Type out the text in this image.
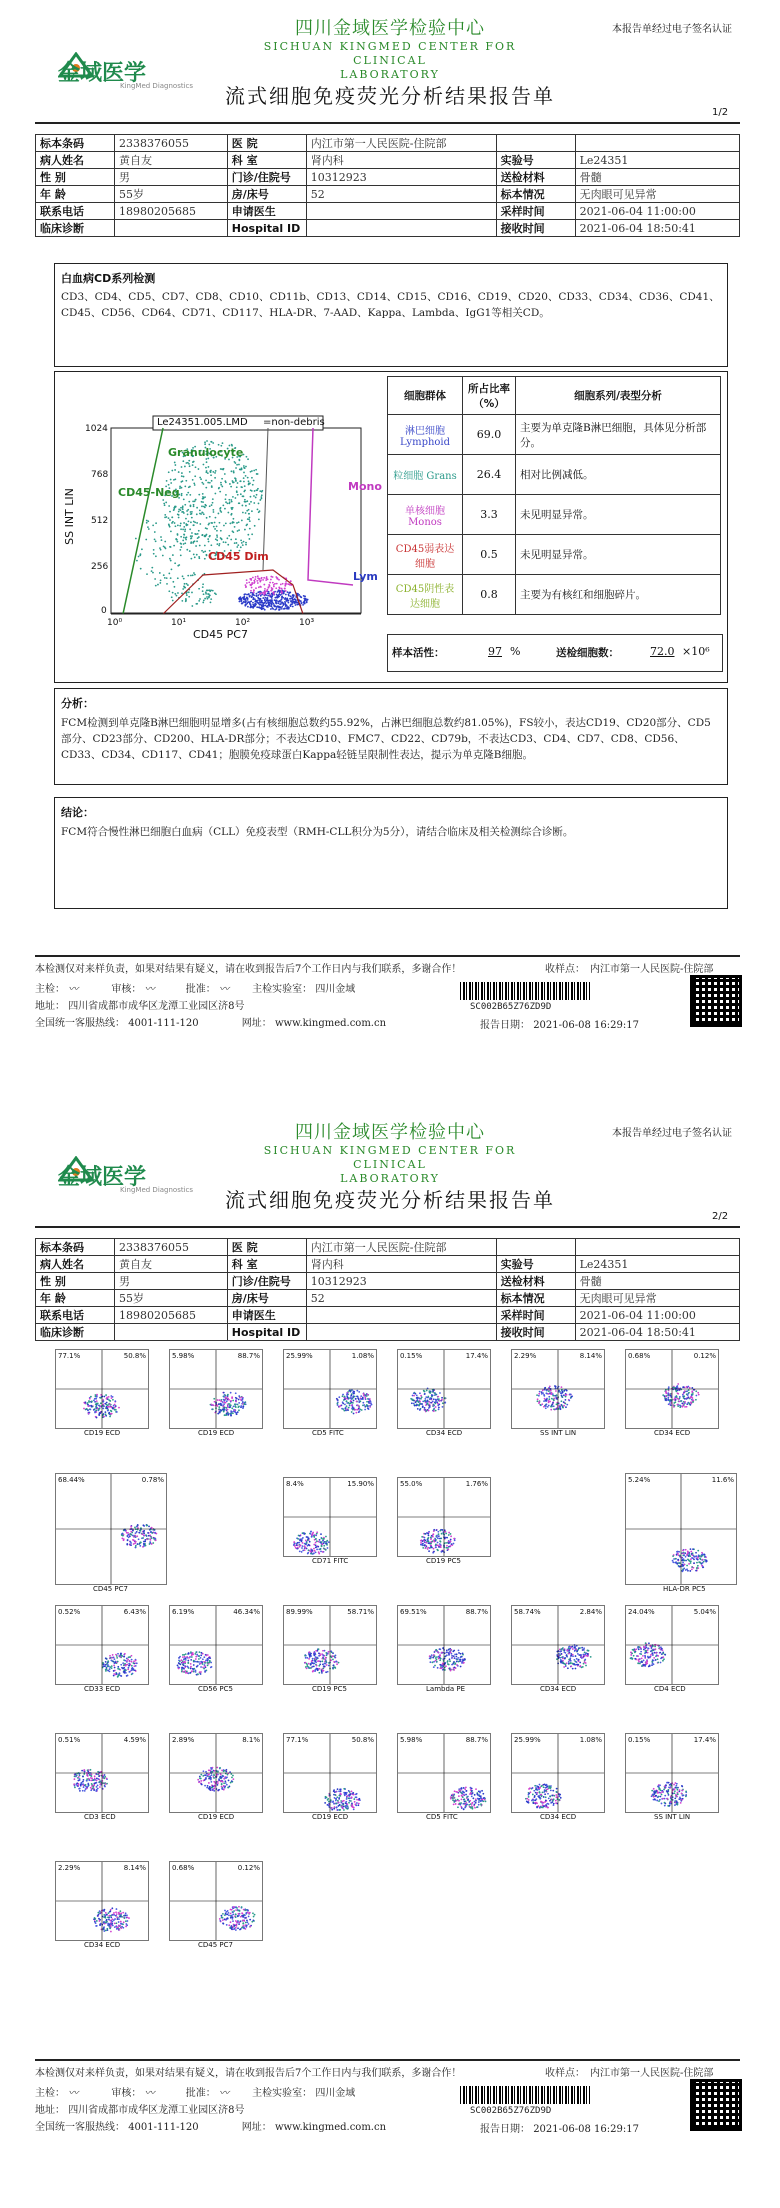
金域医学
KingMed Diagnostics
四川金域医学检验中心
SICHUAN KINGMED CENTER FOR CLINICAL
LABORATORY
本报告单经过电子签名认证
流式细胞免疫荧光分析结果报告单
1/2
标本条码	2338376055	医 院	内江市第一人民医院-住院部		
病人姓名	黄自友	科 室	肾内科	实验号	Le24351
性 别	男	门诊/住院号	10312923	送检材料	骨髓
年 龄	55岁	房/床号	52	标本情况	无肉眼可见异常
联系电话	18980205685	申请医生		采样时间	2021-06-04 11:00:00
临床诊断		Hospital ID		接收时间	2021-06-04 18:50:41
白血病CD系列检测
CD3、CD4、CD5、CD7、CD8、CD10、CD11b、CD13、CD14、CD15、CD16、CD19、CD20、CD33、CD34、CD36、CD41、CD45、CD56、CD64、CD71、CD117、HLA-DR、7-AAD、Kappa、Lambda、IgG1等相关CD。
Le24351.005.LMD =non-debris
SS INT LIN
CD45 PC7
1024
768
512
256
0
10⁰	10¹	10²	10³
Granulocyte
CD45-Neg
CD45 Dim
Mono
Lym
细胞群体	所占比率（%）	细胞系列/表型分析
淋巴细胞 Lymphoid	69.0	主要为单克隆B淋巴细胞，具体见分析部分。
粒细胞 Grans	26.4	相对比例减低。
单核细胞 Monos	3.3	未见明显异常。
CD45弱表达细胞	0.5	未见明显异常。
CD45阴性表达细胞	0.8	主要为有核红和细胞碎片。
样本活性：	97 %	送检细胞数：	72.0 ×10⁶
分析：
FCM检测到单克隆B淋巴细胞明显增多(占有核细胞总数约55.92%，占淋巴细胞总数约81.05%)，FS较小，表达CD19、CD20部分、CD5部分、CD23部分、CD200、HLA-DR部分；不表达CD10、FMC7、CD22、CD79b，不表达CD3、CD4、CD7、CD8、CD56、CD33、CD34、CD117、CD41；胞膜免疫球蛋白Kappa轻链呈限制性表达，提示为单克隆B细胞。
结论：
FCM符合慢性淋巴细胞白血病（CLL）免疫表型（RMH-CLL积分为5分），请结合临床及相关检测综合诊断。
本检测仅对来样负责，如果对结果有疑义，请在收到报告后7个工作日内与我们联系，多谢合作！	收样点： 内江市第一人民医院-住院部
主检： 〰	审核： 〰	批准： 〰 主检实验室： 四川金域
地址： 四川省成都市成华区龙潭工业园区济8号
全国统一客服热线： 4001-111-120	网址： www.kingmed.com.cn
SC002B65Z76ZD9D
报告日期： 2021-06-08 16:29:17
金域医学
KingMed Diagnostics
四川金域医学检验中心
SICHUAN KINGMED CENTER FOR CLINICAL
LABORATORY
本报告单经过电子签名认证
流式细胞免疫荧光分析结果报告单
2/2
标本条码	2338376055	医 院	内江市第一人民医院-住院部		
病人姓名	黄自友	科 室	肾内科	实验号	Le24351
性 别	男	门诊/住院号	10312923	送检材料	骨髓
年 龄	55岁	房/床号	52	标本情况	无肉眼可见异常
联系电话	18980205685	申请医生		采样时间	2021-06-04 11:00:00
临床诊断		Hospital ID		接收时间	2021-06-04 18:50:41
77.1%	50.8%
CD19 ECD
5.98%	88.7%
CD19 ECD
25.99%	1.08%
CD5 FITC
0.15%	17.4%
CD34 ECD
2.29%	8.14%
SS INT LIN
0.68%	0.12%
CD34 ECD
68.44%	0.78%
CD45 PC7
8.4%	15.90%
CD71 FITC
55.0%	1.76%
CD19 PC5
5.24%	11.6%
HLA-DR PC5
0.52%	6.43%
CD33 ECD
6.19%	46.34%
CD56 PC5
89.99%	58.71%
CD19 PC5
69.51%	88.7%
Lambda PE
58.74%	2.84%
CD34 ECD
24.04%	5.04%
CD4 ECD
0.51%	4.59%
CD3 ECD
2.89%	8.1%
CD19 ECD
77.1%	50.8%
CD19 ECD
5.98%	88.7%
CD5 FITC
25.99%	1.08%
CD34 ECD
0.15%	17.4%
SS INT LIN
2.29%	8.14%
CD34 ECD
0.68%	0.12%
CD45 PC7
本检测仅对来样负责，如果对结果有疑义，请在收到报告后7个工作日内与我们联系，多谢合作！	收样点： 内江市第一人民医院-住院部
主检： 〰	审核： 〰	批准： 〰 主检实验室： 四川金域
地址： 四川省成都市成华区龙潭工业园区济8号
全国统一客服热线： 4001-111-120	网址： www.kingmed.com.cn
SC002B65Z76ZD9D
报告日期： 2021-06-08 16:29:17
